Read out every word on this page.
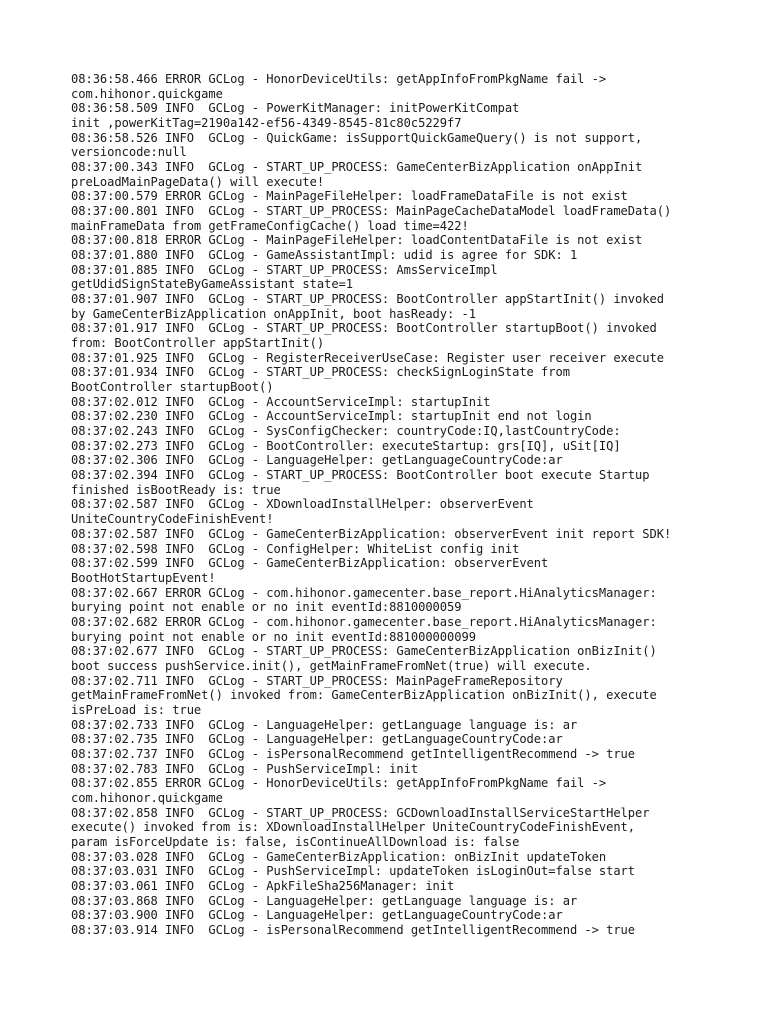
08:36:58.466 ERROR GCLog - HonorDeviceUtils: getAppInfoFromPkgName fail ->

com.hihonor.quickgame

08:36:58.509 INFO  GCLog - PowerKitManager: initPowerKitCompat

init ,powerKitTag=2190a142-ef56-4349-8545-81c80c5229f7

08:36:58.526 INFO  GCLog - QuickGame: isSupportQuickGameQuery() is not support,

versioncode:null

08:37:00.343 INFO  GCLog - START_UP_PROCESS: GameCenterBizApplication onAppInit

preLoadMainPageData() will execute!

08:37:00.579 ERROR GCLog - MainPageFileHelper: loadFrameDataFile is not exist

08:37:00.801 INFO  GCLog - START_UP_PROCESS: MainPageCacheDataModel loadFrameData()

mainFrameData from getFrameConfigCache() load time=422!

08:37:00.818 ERROR GCLog - MainPageFileHelper: loadContentDataFile is not exist

08:37:01.880 INFO  GCLog - GameAssistantImpl: udid is agree for SDK: 1

08:37:01.885 INFO  GCLog - START_UP_PROCESS: AmsServiceImpl

getUdidSignStateByGameAssistant state=1

08:37:01.907 INFO  GCLog - START_UP_PROCESS: BootController appStartInit() invoked

by GameCenterBizApplication onAppInit, boot hasReady: -1

08:37:01.917 INFO  GCLog - START_UP_PROCESS: BootController startupBoot() invoked

from: BootController appStartInit()

08:37:01.925 INFO  GCLog - RegisterReceiverUseCase: Register user receiver execute

08:37:01.934 INFO  GCLog - START_UP_PROCESS: checkSignLoginState from

BootController startupBoot()

08:37:02.012 INFO  GCLog - AccountServiceImpl: startupInit

08:37:02.230 INFO  GCLog - AccountServiceImpl: startupInit end not login

08:37:02.243 INFO  GCLog - SysConfigChecker: countryCode:IQ,lastCountryCode:

08:37:02.273 INFO  GCLog - BootController: executeStartup: grs[IQ], uSit[IQ]

08:37:02.306 INFO  GCLog - LanguageHelper: getLanguageCountryCode:ar

08:37:02.394 INFO  GCLog - START_UP_PROCESS: BootController boot execute Startup

finished isBootReady is: true

08:37:02.587 INFO  GCLog - XDownloadInstallHelper: observerEvent

UniteCountryCodeFinishEvent!

08:37:02.587 INFO  GCLog - GameCenterBizApplication: observerEvent init report SDK!

08:37:02.598 INFO  GCLog - ConfigHelper: WhiteList config init

08:37:02.599 INFO  GCLog - GameCenterBizApplication: observerEvent

BootHotStartupEvent!

08:37:02.667 ERROR GCLog - com.hihonor.gamecenter.base_report.HiAnalyticsManager:

burying point not enable or no init eventId:8810000059

08:37:02.682 ERROR GCLog - com.hihonor.gamecenter.base_report.HiAnalyticsManager:

burying point not enable or no init eventId:881000000099

08:37:02.677 INFO  GCLog - START_UP_PROCESS: GameCenterBizApplication onBizInit()

boot success pushService.init(), getMainFrameFromNet(true) will execute.

08:37:02.711 INFO  GCLog - START_UP_PROCESS: MainPageFrameRepository

getMainFrameFromNet() invoked from: GameCenterBizApplication onBizInit(), execute

isPreLoad is: true

08:37:02.733 INFO  GCLog - LanguageHelper: getLanguage language is: ar

08:37:02.735 INFO  GCLog - LanguageHelper: getLanguageCountryCode:ar

08:37:02.737 INFO  GCLog - isPersonalRecommend getIntelligentRecommend -> true

08:37:02.783 INFO  GCLog - PushServiceImpl: init

08:37:02.855 ERROR GCLog - HonorDeviceUtils: getAppInfoFromPkgName fail ->

com.hihonor.quickgame

08:37:02.858 INFO  GCLog - START_UP_PROCESS: GCDownloadInstallServiceStartHelper

execute() invoked from is: XDownloadInstallHelper UniteCountryCodeFinishEvent,

param isForceUpdate is: false, isContinueAllDownload is: false

08:37:03.028 INFO  GCLog - GameCenterBizApplication: onBizInit updateToken

08:37:03.031 INFO  GCLog - PushServiceImpl: updateToken isLoginOut=false start

08:37:03.061 INFO  GCLog - ApkFileSha256Manager: init

08:37:03.868 INFO  GCLog - LanguageHelper: getLanguage language is: ar

08:37:03.900 INFO  GCLog - LanguageHelper: getLanguageCountryCode:ar

08:37:03.914 INFO  GCLog - isPersonalRecommend getIntelligentRecommend -> true
